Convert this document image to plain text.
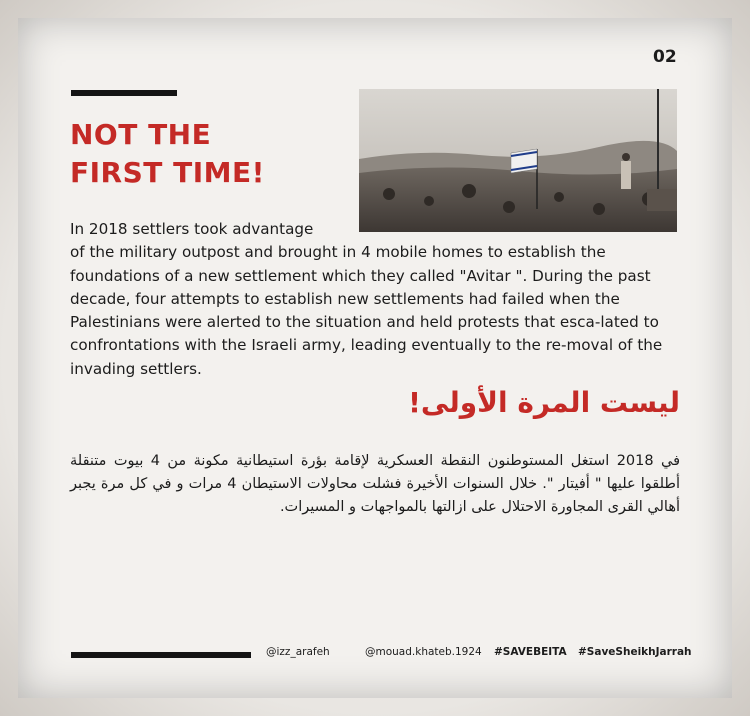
02
NOT THE
FIRST TIME!
In 2018 settlers took advantage
of the military outpost and brought in 4 mobile homes to establish the foundations of a new settlement which they called "Avitar ". During the past decade, four attempts to establish new settlements had failed when the Palestinians were alerted to the situation and held protests that esca-lated to confrontations with the Israeli army, leading eventually to the re-moval of the invading settlers.
ليست المرة الأولى!
في 2018 استغل المستوطنون النقطة العسكرية لإقامة بؤرة استيطانية مكونة من 4 بيوت متنقلة أطلقوا عليها " أفيتار ". خلال السنوات الأخيرة فشلت محاولات الاستيطان 4 مرات و في كل مرة يجبر أهالي القرى المجاورة الاحتلال على ازالتها بالمواجهات و المسيرات.
@izz_arafeh	@mouad.khateb.1924 #SAVEBEITA #SaveSheikhJarrah
